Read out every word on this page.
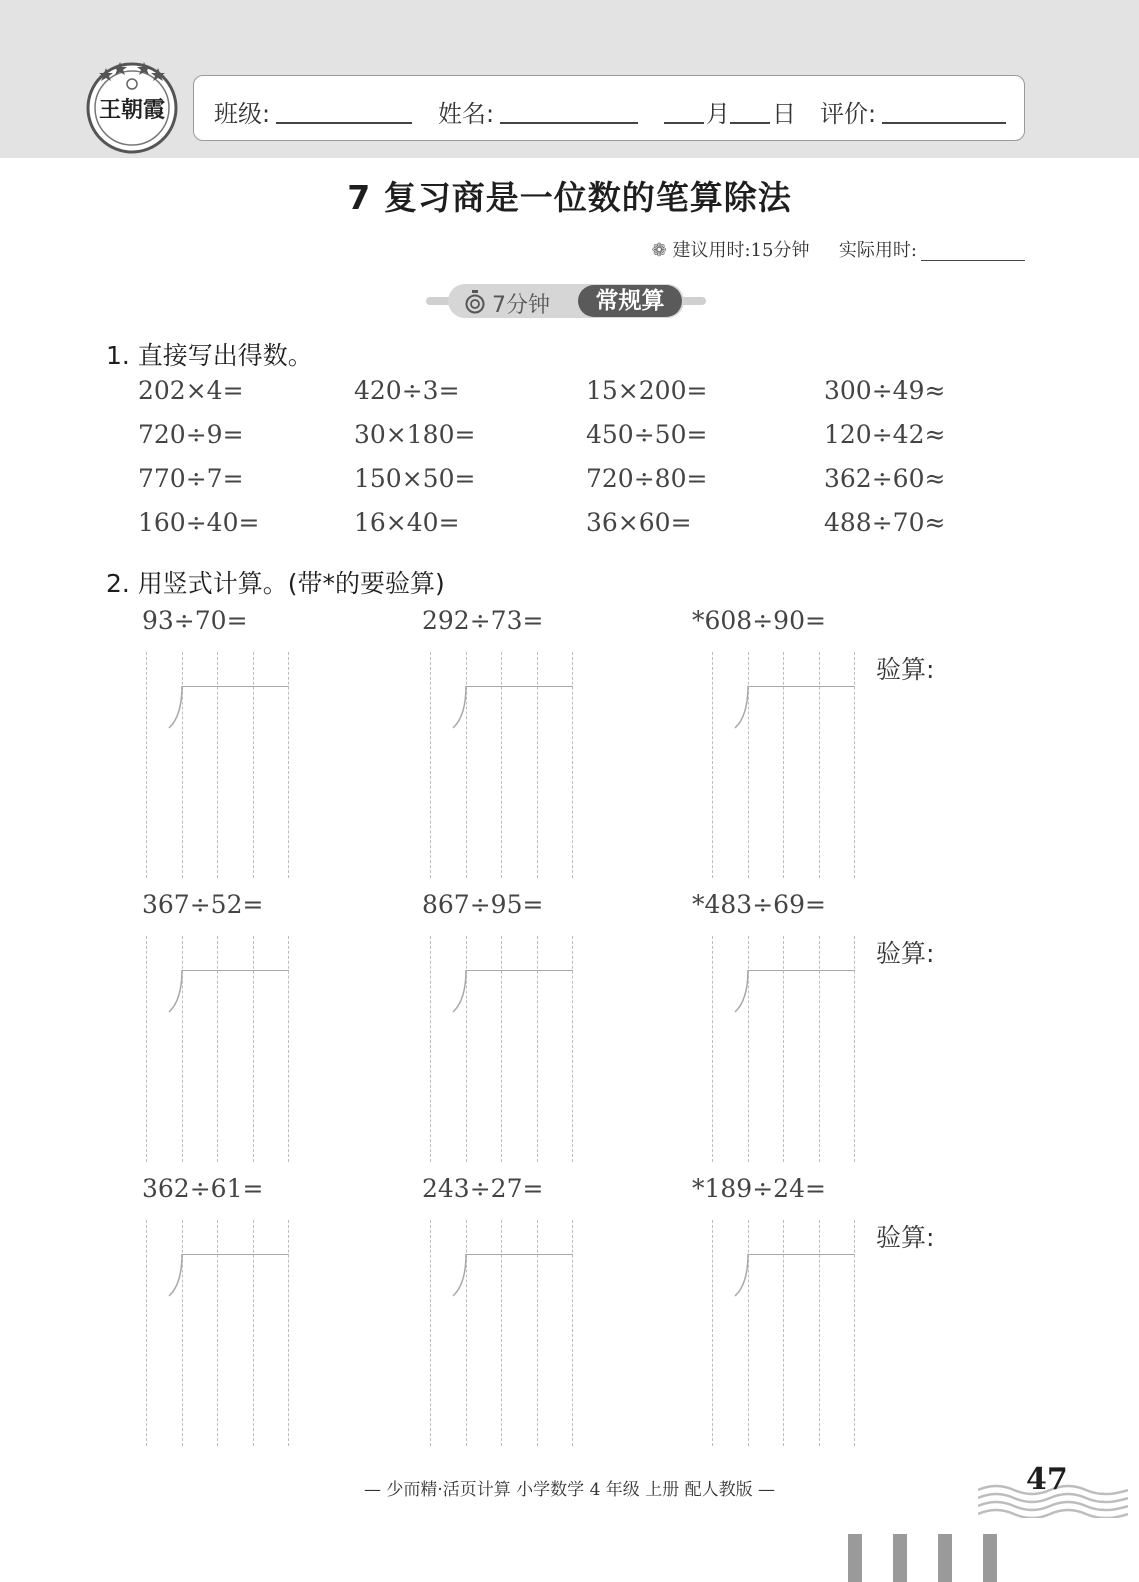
王朝霞 班级:	姓名:	月 日 评价:
7 复习商是一位数的笔算除法
❁ 建议用时:15分钟 实际用时:
7分钟	常规算
1. 直接写出得数。
202×4=	420÷3=	15×200=	300÷49≈
720÷9=	30×180=	450÷50=	120÷42≈
770÷7=	150×50=	720÷80=	362÷60≈
160÷40=	16×40=	36×60=	488÷70≈
2. 用竖式计算。(带*的要验算)
93÷70=	292÷73=	*608÷90=
验算:
367÷52=	867÷95=	*483÷69=
验算:
362÷61=	243÷27=	*189÷24=
验算:
— 少而精·活页计算 小学数学 4 年级 上册 配人教版 —	47
